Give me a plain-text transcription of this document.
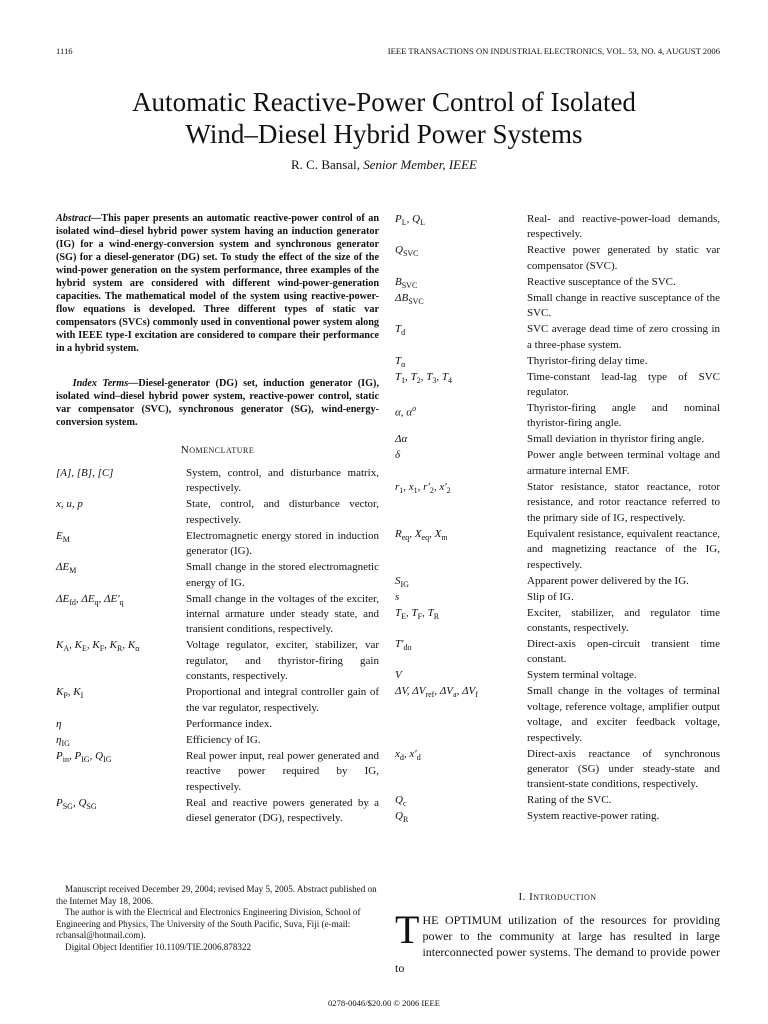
1116	IEEE TRANSACTIONS ON INDUSTRIAL ELECTRONICS, VOL. 53, NO. 4, AUGUST 2006
Automatic Reactive-Power Control of Isolated
Wind–Diesel Hybrid Power Systems
R. C. Bansal, Senior Member, IEEE
Abstract—This paper presents an automatic reactive-power control of an isolated wind–diesel hybrid power system having an induction generator (IG) for a wind-energy-conversion system and synchronous generator (SG) for a diesel-generator (DG) set. To study the effect of the size of the wind-power generation on the system performance, three examples of the hybrid system are considered with different wind-power-generation capacities. The mathematical model of the system using reactive-power-flow equations is developed. Three different types of static var compensators (SVCs) commonly used in conventional power system along with IEEE type-I excitation are considered to compare their performance in a hybrid system.
Index Terms—Diesel-generator (DG) set, induction generator (IG), isolated wind–diesel hybrid power system, reactive-power control, static var compensator (SVC), synchronous generator (SG), wind-energy-conversion system.
Nomenclature
[A], [B], [C]	System, control, and disturbance matrix, respectively.
x, u, p	State, control, and disturbance vector, respectively.
$E_M$	Electromagnetic energy stored in induction generator (IG).
$\Delta E_M$	Small change in the stored electromagnetic energy of IG.
$\Delta E_{fd}$, $\Delta E_q$, $\Delta E'_q$	Small change in the voltages of the exciter, internal armature under steady state, and transient conditions, respectively.
$K_A$, $K_E$, $K_F$, $K_R$, $K_\alpha$	Voltage regulator, exciter, stabilizer, var regulator, and thyristor-firing gain constants, respectively.
$K_P$, $K_I$	Proportional and integral controller gain of the var regulator, respectively.
η	Performance index.
$\eta_{IG}$	Efficiency of IG.
$P_{in}$, $P_{IG}$, $Q_{IG}$	Real power input, real power generated and reactive power required by IG, respectively.
$P_{SG}$, $Q_{SG}$	Real and reactive powers generated by a diesel generator (DG), respectively.
$P_L$, $Q_L$	Real- and reactive-power-load demands, respectively.
$Q_{SVC}$	Reactive power generated by static var compensator (SVC).
$B_{SVC}$	Reactive susceptance of the SVC.
$\Delta B_{SVC}$	Small change in reactive susceptance of the SVC.
$T_d$	SVC average dead time of zero crossing in a three-phase system.
$T_\alpha$	Thyristor-firing delay time.
$T_1$, $T_2$, $T_3$, $T_4$	Time-constant lead-lag type of SVC regulator.
α, $\alpha^o$	Thyristor-firing angle and nominal thyristor-firing angle.
Δα	Small deviation in thyristor firing angle.
δ	Power angle between terminal voltage and armature internal EMF.
$r_1$, $x_1$, $r'_2$, $x'_2$	Stator resistance, stator reactance, rotor resistance, and rotor reactance referred to the primary side of IG, respectively.
$R_{eq}$, $X_{eq}$, $X_m$	Equivalent resistance, equivalent reactance, and magnetizing reactance of the IG, respectively.
$S_{IG}$	Apparent power delivered by the IG.
s	Slip of IG.
$T_E$, $T_F$, $T_R$	Exciter, stabilizer, and regulator time constants, respectively.
$T'_{do}$	Direct-axis open-circuit transient time constant.
V	System terminal voltage.
ΔV, $\Delta V_{ref}$, $\Delta V_a$, $\Delta V_f$	Small change in the voltages of terminal voltage, reference voltage, amplifier output voltage, and exciter feedback voltage, respectively.
$x_d$, $x'_d$	Direct-axis reactance of synchronous generator (SG) under steady-state and transient-state conditions, respectively.
$Q_c$	Rating of the SVC.
$Q_R$	System reactive-power rating.

Manuscript received December 29, 2004; revised May 5, 2005. Abstract published on the Internet May 18, 2006.

The author is with the Electrical and Electronics Engineering Division, School of Engineering and Physics, The University of the South Pacific, Suva, Fiji (e-mail: rcbansal@hotmail.com).

Digital Object Identifier 10.1109/TIE.2006.878322

I. Introduction
THE OPTIMUM utilization of the resources for providing power to the community at large has resulted in large interconnected power systems. The demand to provide power to
0278-0046/$20.00 © 2006 IEEE
